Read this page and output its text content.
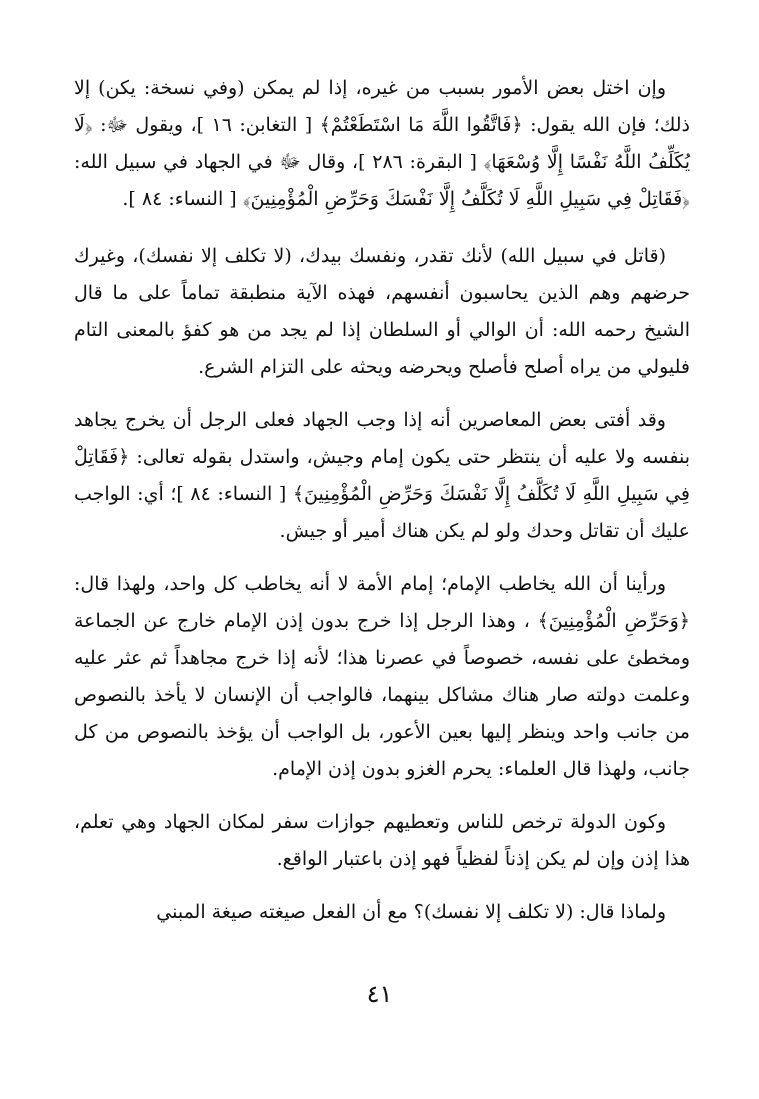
وإن اختل بعض الأمور بسبب من غيره، إذا لم يمكن (وفي نسخة: يكن) إلا ذلك؛ فإن الله يقول: ﴿فَاتَّقُوا اللَّهَ مَا اسْتَطَعْتُمْ﴾ [ التغابن: ١٦ ]، ويقول ﷻ: ﴿لَا يُكَلِّفُ اللَّهُ نَفْسًا إِلَّا وُسْعَهَا﴾ [ البقرة: ٢٨٦ ]، وقال ﷻ في الجهاد في سبيل الله: ﴿فَقَاتِلْ فِي سَبِيلِ اللَّهِ لَا تُكَلَّفُ إِلَّا نَفْسَكَ وَحَرِّضِ الْمُؤْمِنِينَ﴾ [ النساء: ٨٤ ].

(قاتل في سبيل الله) لأنك تقدر، ونفسك بيدك، (لا تكلف إلا نفسك)، وغيرك حرضهم وهم الذين يحاسبون أنفسهم، فهذه الآية منطبقة تماماً على ما قال الشيخ رحمه الله: أن الوالي أو السلطان إذا لم يجد من هو كفؤ بالمعنى التام فليولي من يراه أصلح فأصلح ويحرضه ويحثه على التزام الشرع.

وقد أفتى بعض المعاصرين أنه إذا وجب الجهاد فعلى الرجل أن يخرج يجاهد بنفسه ولا عليه أن ينتظر حتى يكون إمام وجيش، واستدل بقوله تعالى: ﴿فَقَاتِلْ فِي سَبِيلِ اللَّهِ لَا تُكَلَّفُ إِلَّا نَفْسَكَ وَحَرِّضِ الْمُؤْمِنِينَ﴾ [ النساء: ٨٤ ]؛ أي: الواجب عليك أن تقاتل وحدك ولو لم يكن هناك أمير أو جيش.

ورأينا أن الله يخاطب الإمام؛ إمام الأمة لا أنه يخاطب كل واحد، ولهذا قال: ﴿وَحَرِّضِ الْمُؤْمِنِينَ﴾ ، وهذا الرجل إذا خرج بدون إذن الإمام خارج عن الجماعة ومخطئ على نفسه، خصوصاً في عصرنا هذا؛ لأنه إذا خرج مجاهداً ثم عثر عليه وعلمت دولته صار هناك مشاكل بينهما، فالواجب أن الإنسان لا يأخذ بالنصوص من جانب واحد وينظر إليها بعين الأعور، بل الواجب أن يؤخذ بالنصوص من كل جانب، ولهذا قال العلماء: يحرم الغزو بدون إذن الإمام.

وكون الدولة ترخص للناس وتعطيهم جوازات سفر لمكان الجهاد وهي تعلم، هذا إذن وإن لم يكن إذناً لفظياً فهو إذن باعتبار الواقع.

ولماذا قال: (لا تكلف إلا نفسك)؟ مع أن الفعل صيغته صيغة المبني

٤١
